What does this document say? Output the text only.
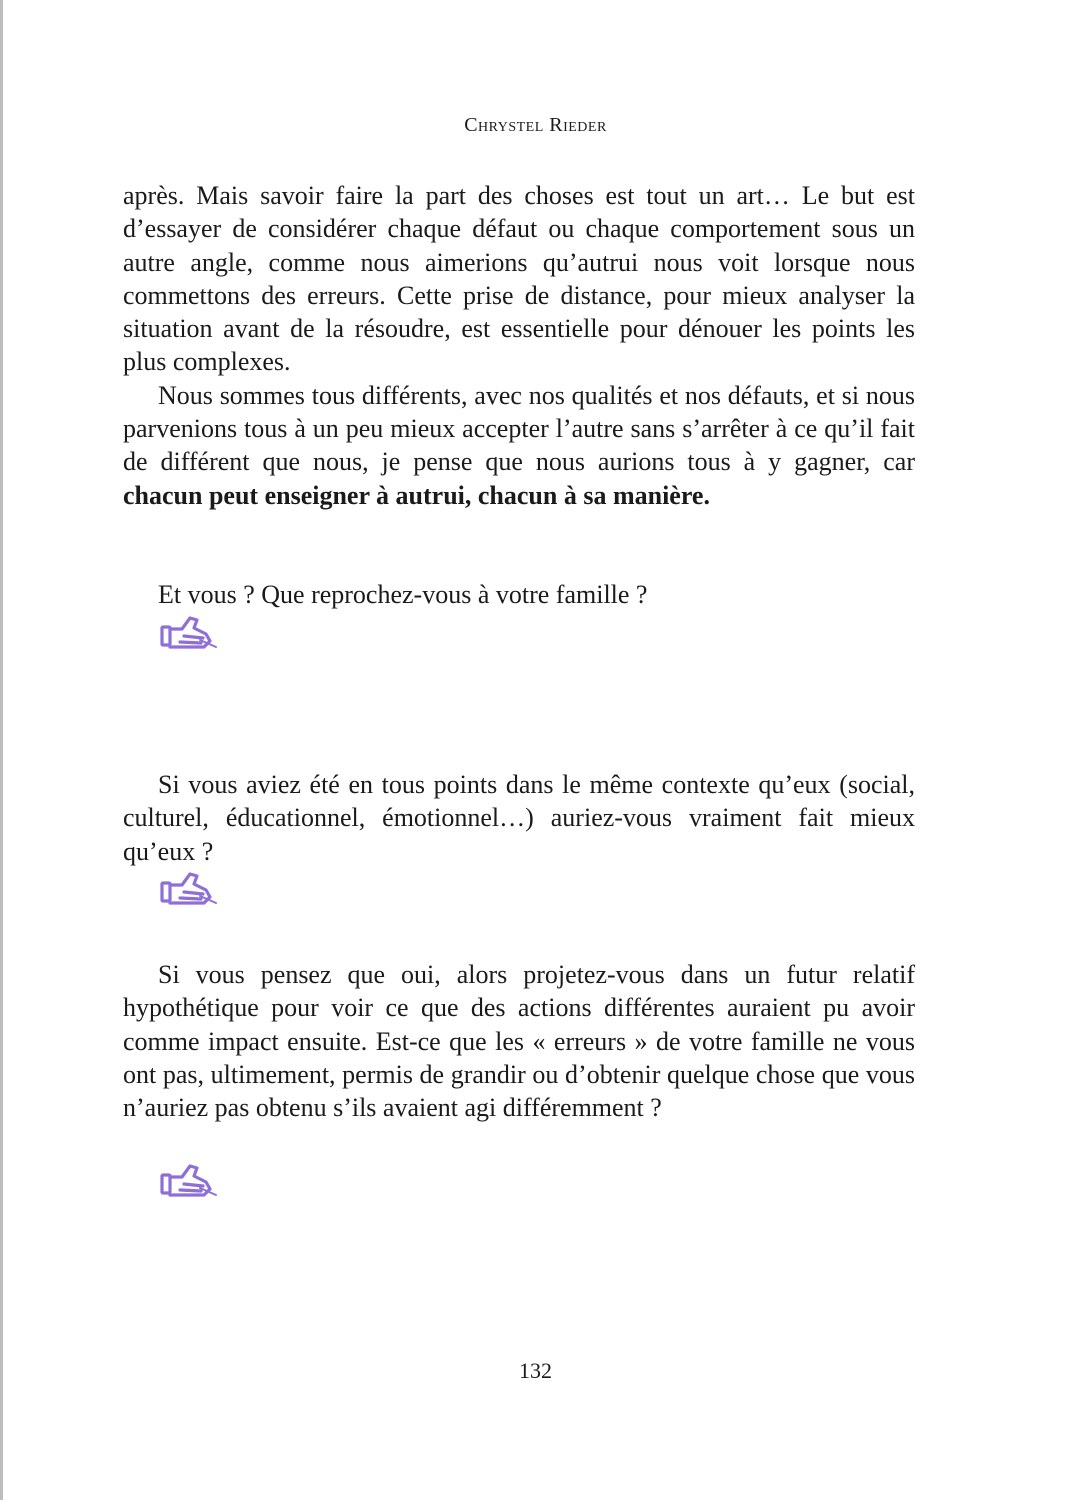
Chrystel Rieder

après. Mais savoir faire la part des choses est tout un art… Le but est d’essayer de considérer chaque défaut ou chaque comportement sous un autre angle, comme nous aimerions qu’autrui nous voit lorsque nous commettons des erreurs. Cette prise de distance, pour mieux analyser la situation avant de la résoudre, est essentielle pour dénouer les points les plus complexes.

Nous sommes tous différents, avec nos qualités et nos défauts, et si nous parvenions tous à un peu mieux accepter l’autre sans s’arrêter à ce qu’il fait de différent que nous, je pense que nous aurions tous à y gagner, car chacun peut enseigner à autrui, chacun à sa manière.

Et vous ? Que reprochez-vous à votre famille ?

Si vous aviez été en tous points dans le même contexte qu’eux (social, culturel, éducationnel, émotionnel…) auriez-vous vraiment fait mieux qu’eux ?

Si vous pensez que oui, alors projetez-vous dans un futur relatif hypothétique pour voir ce que des actions différentes auraient pu avoir comme impact ensuite. Est-ce que les « erreurs » de votre famille ne vous ont pas, ultimement, permis de grandir ou d’obtenir quelque chose que vous n’auriez pas obtenu s’ils avaient agi différemment ?

132
